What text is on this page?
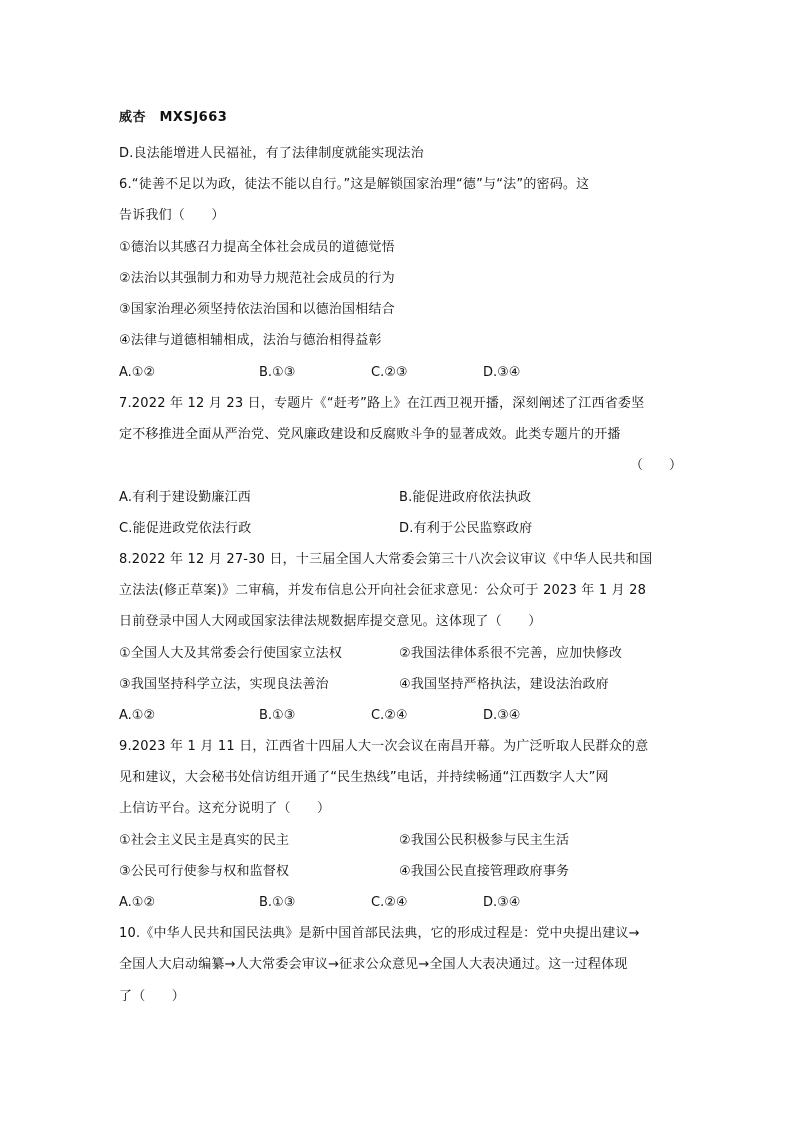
威杏　MXSJ663
D.良法能增进人民福祉，有了法律制度就能实现法治
6.“徒善不足以为政，徒法不能以自行。”这是解锁国家治理“德”与“法”的密码。这
告诉我们（　　）
①德治以其感召力提高全体社会成员的道德觉悟
②法治以其强制力和劝导力规范社会成员的行为
③国家治理必须坚持依法治国和以德治国相结合
④法律与道德相辅相成，法治与德治相得益彰
A.①②	B.①③	C.②③	D.③④
7.2022 年 12 月 23 日，专题片《“赶考”路上》在江西卫视开播，深刻阐述了江西省委坚
定不移推进全面从严治党、党风廉政建设和反腐败斗争的显著成效。此类专题片的开播
（　　）
A.有利于建设勤廉江西	B.能促进政府依法执政
C.能促进政党依法行政	D.有利于公民监察政府
8.2022 年 12 月 27-30 日，十三届全国人大常委会第三十八次会议审议《中华人民共和国
立法法(修正草案)》二审稿，并发布信息公开向社会征求意见：公众可于 2023 年 1 月 28
日前登录中国人大网或国家法律法规数据库提交意见。这体现了（　　）
①全国人大及其常委会行使国家立法权	②我国法律体系很不完善，应加快修改
③我国坚持科学立法，实现良法善治	④我国坚持严格执法，建设法治政府
A.①②	B.①③	C.②④	D.③④
9.2023 年 1 月 11 日，江西省十四届人大一次会议在南昌开幕。为广泛听取人民群众的意
见和建议，大会秘书处信访组开通了“民生热线”电话，并持续畅通“江西数字人大”网
上信访平台。这充分说明了（　　）
①社会主义民主是真实的民主	②我国公民积极参与民主生活
③公民可行使参与权和监督权	④我国公民直接管理政府事务
A.①②	B.①③	C.②④	D.③④
10.《中华人民共和国民法典》是新中国首部民法典，它的形成过程是：党中央提出建议→
全国人大启动编纂→人大常委会审议→征求公众意见→全国人大表决通过。这一过程体现
了（　　）
